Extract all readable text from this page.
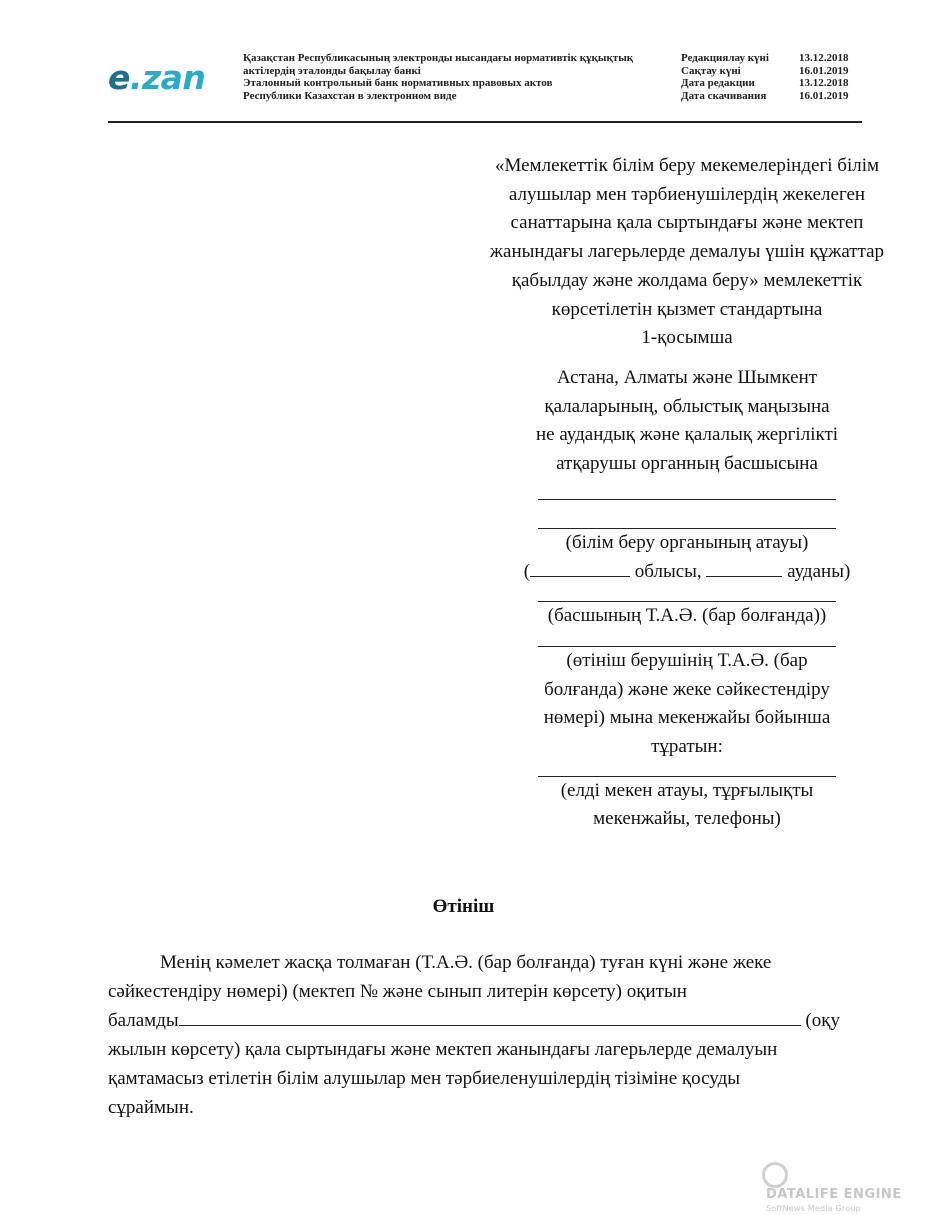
e.zan	Қазақстан Республикасының электронды нысандағы нормативтік құқықтық
актілердің эталонды бақылау банкі
Эталонный контрольный банк нормативных правовых актов
Республики Казахстан в электронном виде
Редакциялау күні	13.12.2018
Сақтау күні	16.01.2019
Дата редакции	13.12.2018
Дата скачивания	16.01.2019

«Мемлекеттік білім беру мекемелеріндегі білім

алушылар мен тәрбиенушілердің жекелеген

санаттарына қала сыртындағы және мектеп

жанындағы лагерьлерде демалуы үшін құжаттар

қабылдау және жолдама беру» мемлекеттік

көрсетілетін қызмет стандартына

1-қосымша

Астана, Алматы және Шымкент

қалаларының, облыстық маңызына

не аудандық және қалалық жергілікті

атқарушы органның басшысына

(білім беру органының атауы)

(	облысы,	ауданы)

(басшының Т.А.Ә. (бар болғанда))

(өтініш берушінің Т.А.Ә. (бар

болғанда) және жеке сәйкестендіру

нөмері) мына мекенжайы бойынша

тұратын:

(елді мекен атауы, тұрғылықты

мекенжайы, телефоны)

Өтініш

Менің кәмелет жасқа толмаған (Т.А.Ә. (бар болғанда) туған күні және жеке

сәйкестендіру нөмері) (мектеп № және сынып литерін көрсету) оқитын

баламды	(оқу

жылын көрсету) қала сыртындағы және мектеп жанындағы лагерьлерде демалуын

қамтамасыз етілетін білім алушылар мен тәрбиеленушілердің тізіміне қосуды

сұраймын.

DATALIFE ENGINE
SoftNews Media Group
